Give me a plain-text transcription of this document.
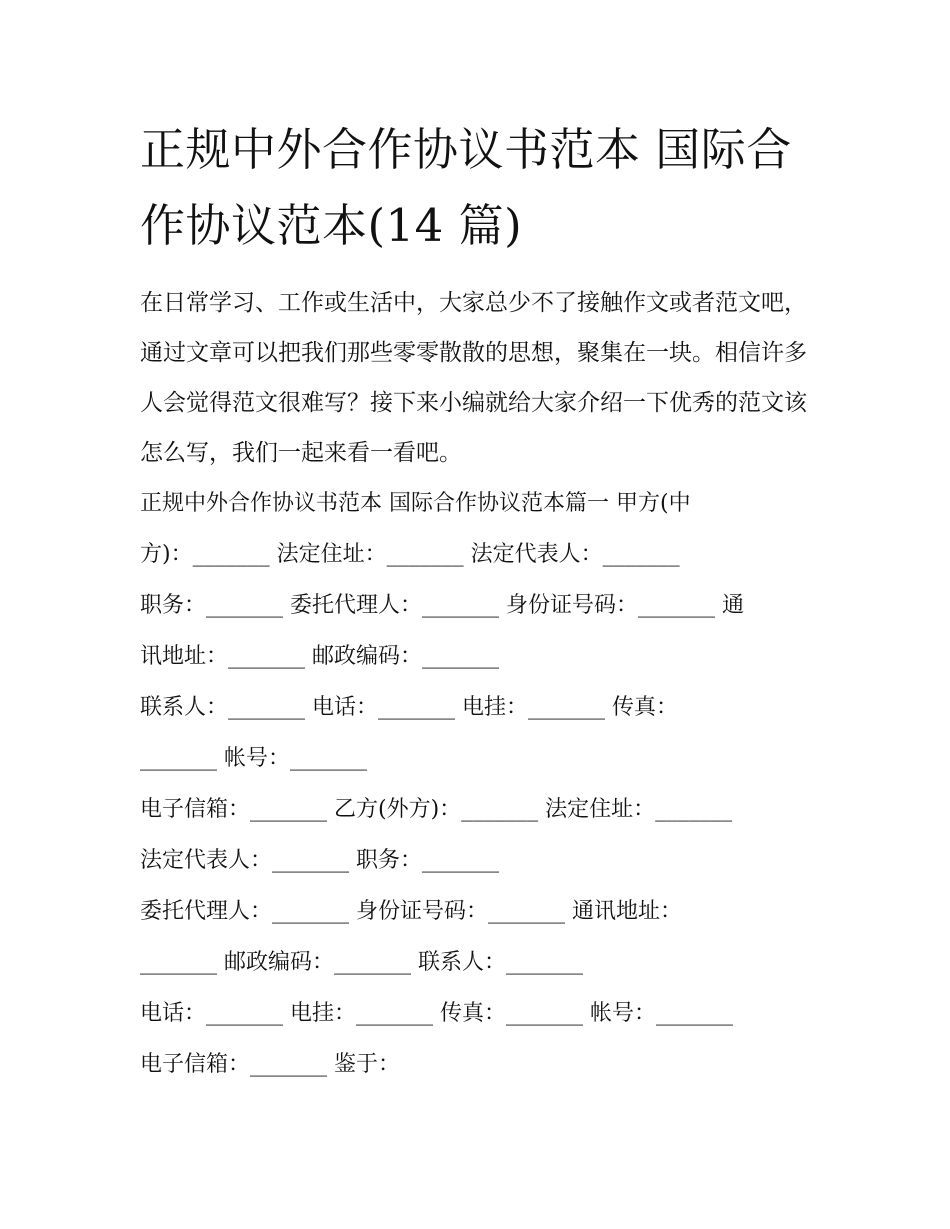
正规中外合作协议书范本 国际合作协议范本(14 篇)

在日常学习、工作或生活中，大家总少不了接触作文或者范文吧，通过文章可以把我们那些零零散散的思想，聚集在一块。相信许多人会觉得范文很难写？接下来小编就给大家介绍一下优秀的范文该怎么写，我们一起来看一看吧。

正规中外合作协议书范本 国际合作协议范本篇一 甲方(中
方)：_______ 法定住址：_______ 法定代表人：_______
职务：_______ 委托代理人：_______ 身份证号码：_______ 通
讯地址：_______ 邮政编码：_______
联系人：_______ 电话：_______ 电挂：_______ 传真：
_______ 帐号：_______
电子信箱：_______ 乙方(外方)：_______ 法定住址：_______
法定代表人：_______ 职务：_______
委托代理人：_______ 身份证号码：_______ 通讯地址：
_______ 邮政编码：_______ 联系人：_______
电话：_______ 电挂：_______ 传真：_______ 帐号：_______
电子信箱：_______ 鉴于：
